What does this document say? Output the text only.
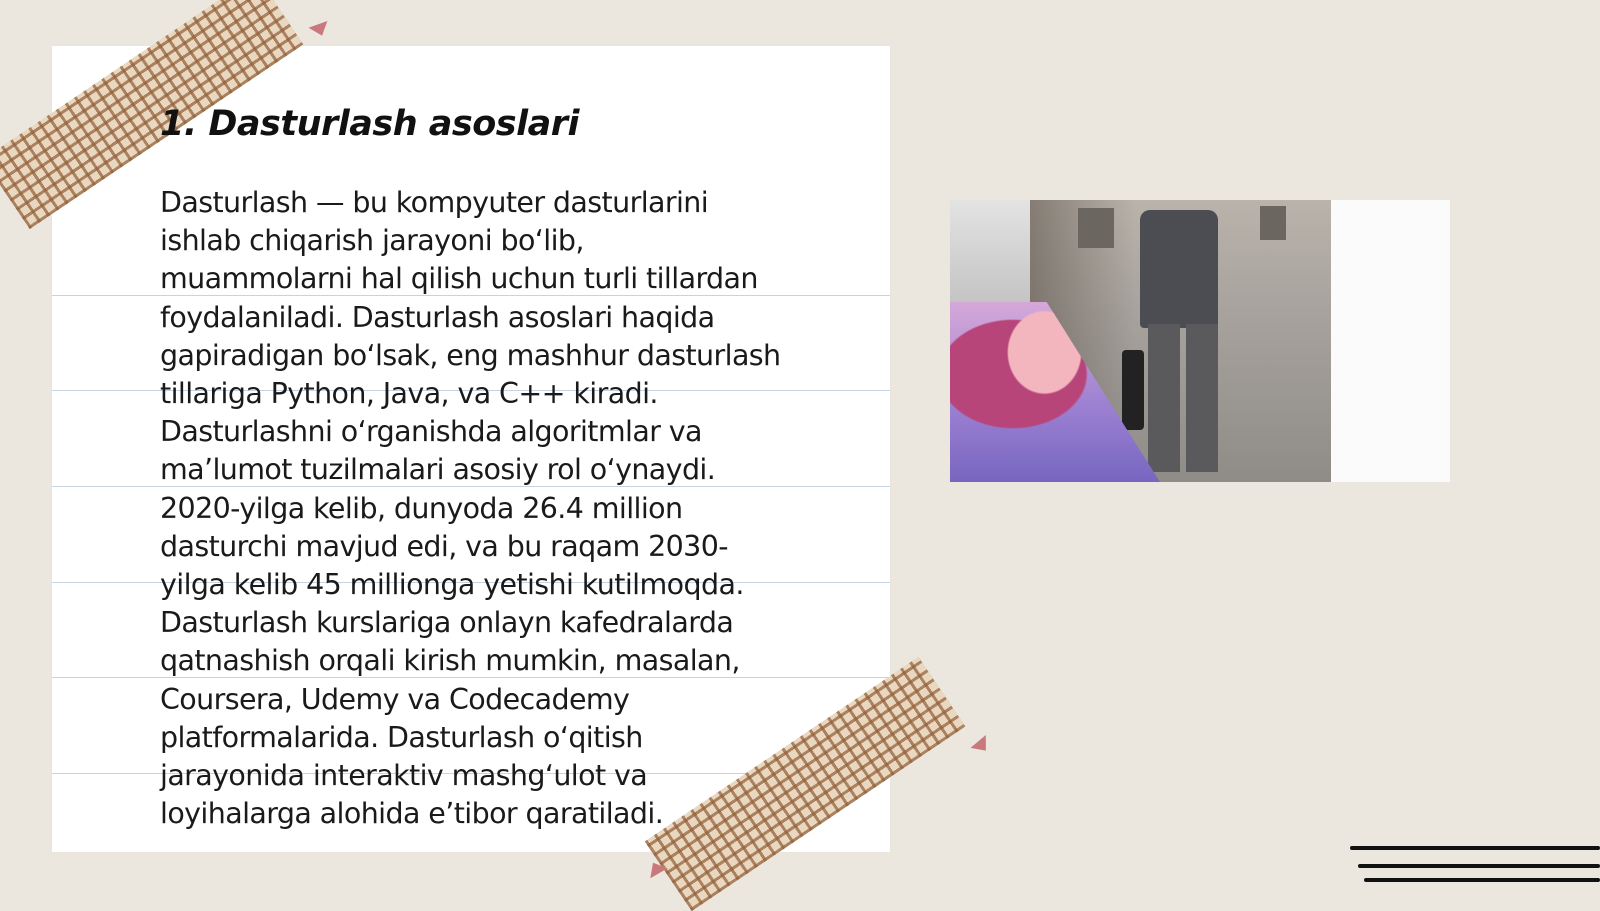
1. Dasturlash asoslari
Dasturlash — bu kompyuter dasturlarini
ishlab chiqarish jarayoni boʻlib,
muammolarni hal qilish uchun turli tillardan
foydalaniladi. Dasturlash asoslari haqida
gapiradigan boʻlsak, eng mashhur dasturlash
tillariga Python, Java, va C++ kiradi.
Dasturlashni oʻrganishda algoritmlar va
maʼlumot tuzilmalari asosiy rol oʻynaydi.
2020-yilga kelib, dunyoda 26.4 million
dasturchi mavjud edi, va bu raqam 2030-
yilga kelib 45 millionga yetishi kutilmoqda.
Dasturlash kurslariga onlayn kafedralarda
qatnashish orqali kirish mumkin, masalan,
Coursera, Udemy va Codecademy
platformalarida. Dasturlash oʻqitish
jarayonida interaktiv mashgʻulot va
loyihalarga alohida eʼtibor qaratiladi.
